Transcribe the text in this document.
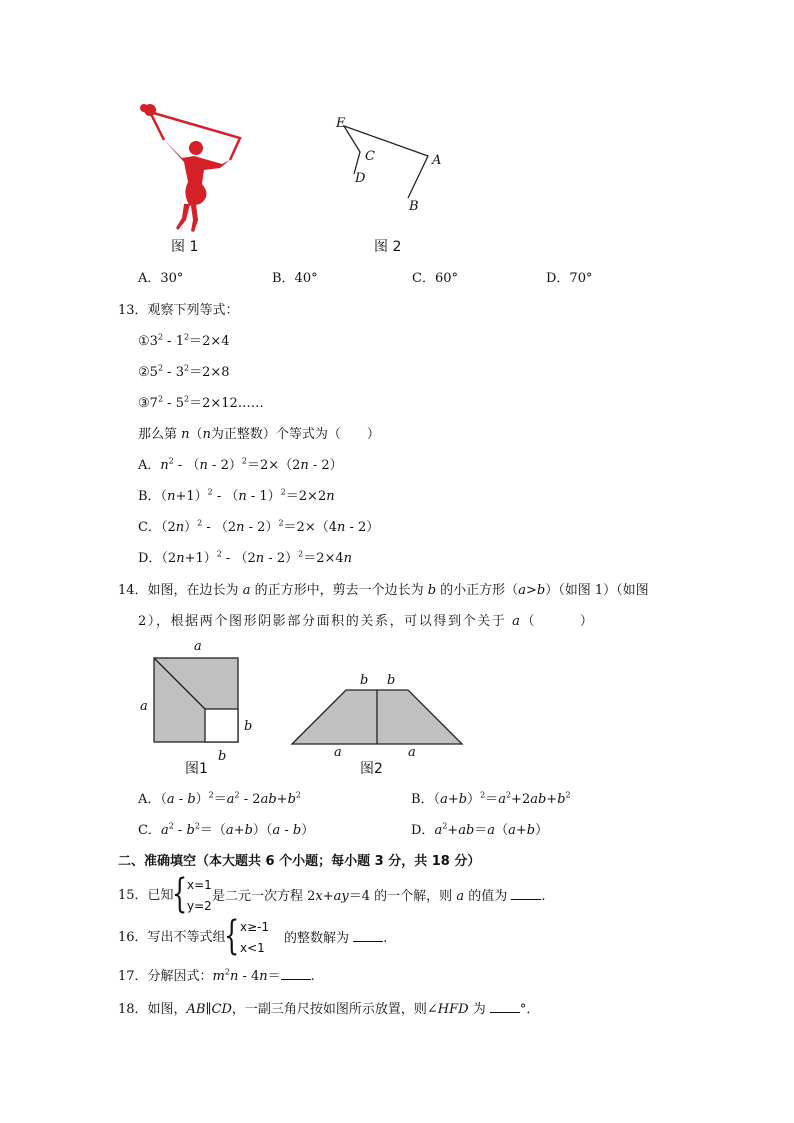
图 1
E
C
D
A
B
图 2
A．30°	B．40°	C．60°	D．70°
13．观察下列等式：
$①3^2 - 1^2=2\times 4$
$②5^2 - 3^2=2\times 8$
$③7^2$ - $5^2=2\times 12\dots\dots$
那么第 n（n为正整数）个等式为（　　）
A．$n^2 - (n - 2)^2=2\times(2n - 2)$
B．$(n+1)^2 - (n - 1)^2=2\times 2n$
C．$(2n)^2 - (2n - 2)^2=2\times(4n - 2)$
D．$(2n+1)^2 - (2n - 2)^2=2\times 4n$
14．如图，在边长为 a 的正方形中，剪去一个边长为 b 的小正方形（a>b）（如图 1）（如图
2），根据两个图形阴影部分面积的关系，可以得到个关于 a（　　　）
a
a
b
b
图1
b b
a	a
图2
A．$(a - b)^2=a^2 - 2ab+b^2$	B．$(a+b)^2=a^2+2ab+b^2$
C．$a^2 - b^2=(a+b)(a - b)$	D．$a^2+ab=a(a+b)$
二、准确填空（本大题共 6 个小题；每小题 3 分，共 18 分）
15．已知
{ x=1
y=2
是二元一次方程 2x+ay＝4 的一个解，则 a 的值为 .
16．写出不等式组
{ x≥-1
x<1
的整数解为 .
17．分解因式：$m^2n - 4n=$ .
18．如图，AB∥CD，一副三角尺按如图所示放置，则∠HFD 为 °．
